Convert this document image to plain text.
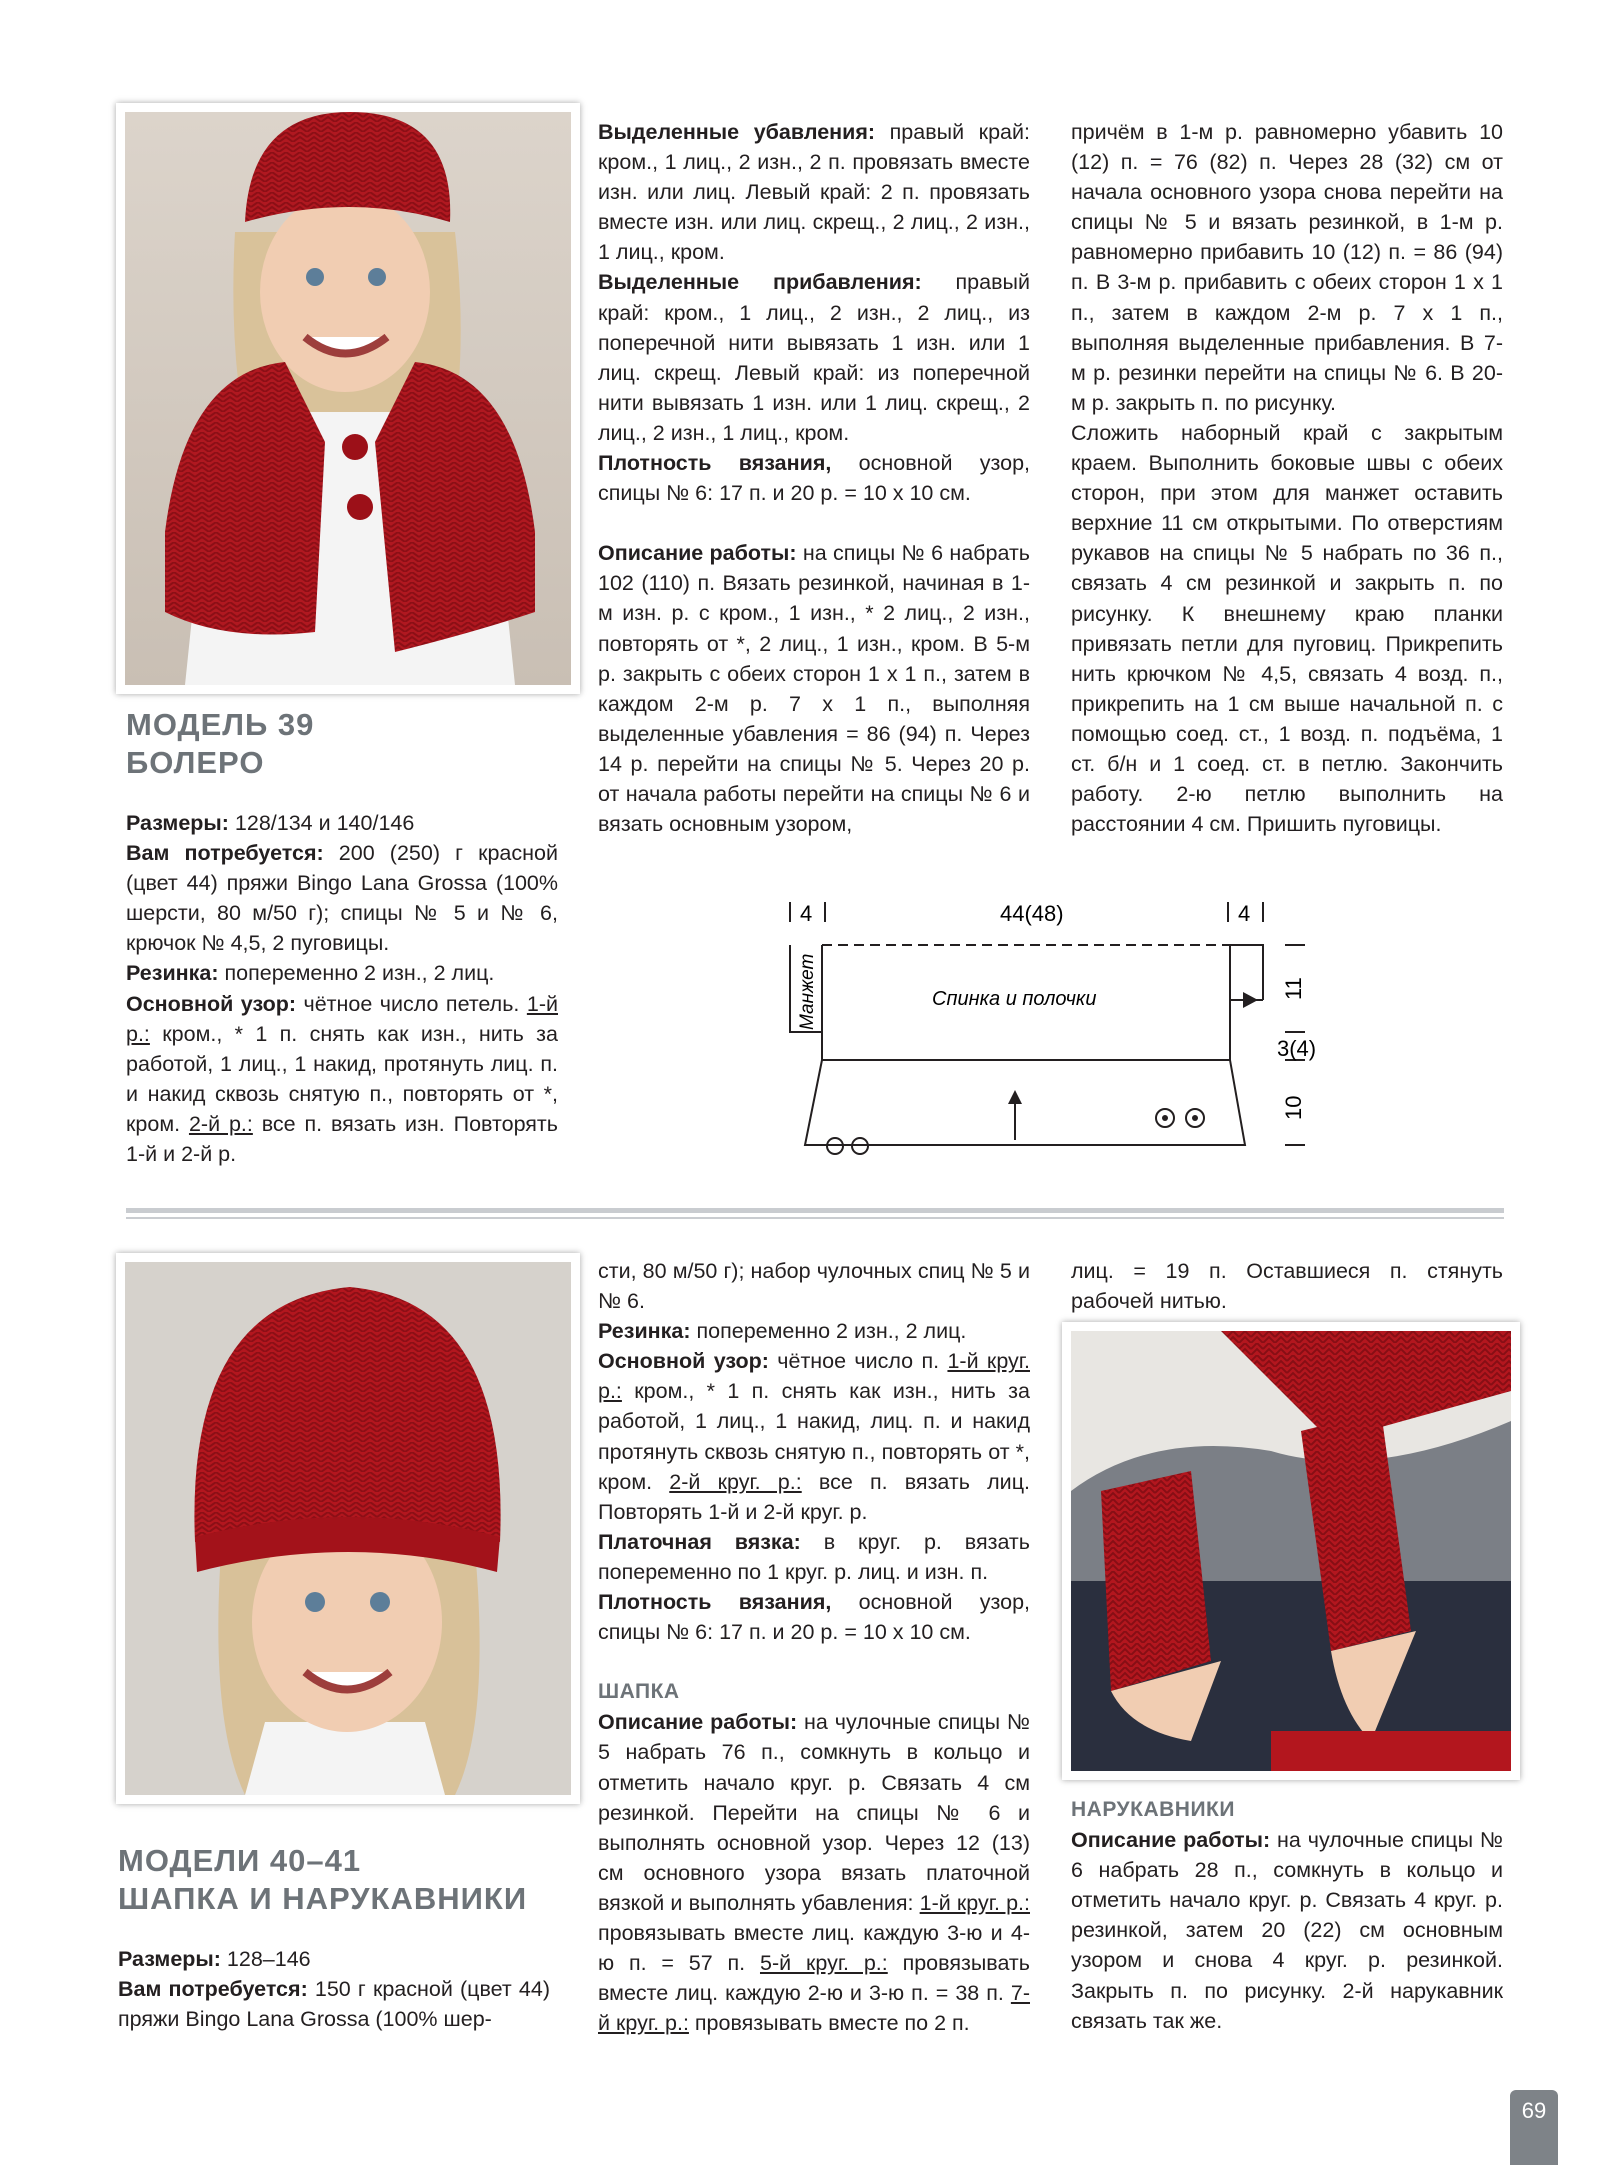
МОДЕЛЬ 39
БОЛЕРО

Размеры: 128/134 и 140/146

Вам потребуется: 200 (250) г красной (цвет 44) пряжи Bingo Lana Grossa (100% шерсти, 80 м/50 г); спицы № 5 и № 6, крючок № 4,5, 2 пуговицы.

Резинка: попеременно 2 изн., 2 лиц.

Основной узор: чётное число петель. 1-й р.: кром., * 1 п. снять как изн., нить за работой, 1 лиц., 1 накид, протянуть лиц. п. и накид сквозь снятую п., повторять от *, кром. 2-й р.: все п. вязать изн. Повторять 1-й и 2-й р.

Выделенные убавления: правый край: кром., 1 лиц., 2 изн., 2 п. провязать вместе изн. или лиц. Левый край: 2 п. провязать вместе изн. или лиц. скрещ., 2 лиц., 2 изн., 1 лиц., кром.

Выделенные прибавления: правый край: кром., 1 лиц., 2 изн., 2 лиц., из поперечной нити вывязать 1 изн. или 1 лиц. скрещ. Левый край: из поперечной нити вывязать 1 изн. или 1 лиц. скрещ., 2 лиц., 2 изн., 1 лиц., кром.

Плотность вязания, основной узор, спицы № 6: 17 п. и 20 р. = 10 x 10 см.

Описание работы: на спицы № 6 набрать 102 (110) п. Вязать резинкой, начиная в 1-м изн. р. с кром., 1 изн., * 2 лиц., 2 изн., повторять от *, 2 лиц., 1 изн., кром. В 5-м р. закрыть с обеих сторон 1 х 1 п., затем в каждом 2-м р. 7 х 1 п., выполняя выделенные убавления = 86 (94) п. Через 14 р. перейти на спицы № 5. Через 20 р. от начала работы перейти на спицы № 6 и вязать основным узором,

причём в 1-м р. равномерно убавить 10 (12) п. = 76 (82) п. Через 28 (32) см от начала основного узора снова перейти на спицы № 5 и вязать резинкой, в 1-м р. равномерно прибавить 10 (12) п. = 86 (94) п. В 3-м р. прибавить с обеих сторон 1 х 1 п., затем в каждом 2-м р. 7 х 1 п., выполняя выделенные прибавления. В 7-м р. резинки перейти на спицы № 6. В 20-м р. закрыть п. по рисунку.

Сложить наборный край с закрытым краем. Выполнить боковые швы с обеих сторон, при этом для манжет оставить верхние 11 см открытыми. По отверстиям рукавов на спицы № 5 набрать по 36 п., связать 4 см резинкой и закрыть п. по рисунку. К внешнему краю планки привязать петли для пуговиц. Прикрепить нить крючком № 4,5, связать 4 возд. п., прикрепить на 1 см выше начальной п. с помощью соед. ст., 1 возд. п. подъёма, 1 ст. б/н и 1 соед. ст. в петлю. Закончить работу. 2-ю петлю выполнить на расстоянии 4 см. Пришить пуговицы.

4	44(48)	4
Манжет	Спинка и полочки	11
3(4)
10
МОДЕЛИ 40–41
ШАПКА И НАРУКАВНИКИ

Размеры: 128–146

Вам потребуется: 150 г красной (цвет 44) пряжи Bingo Lana Grossa (100% шер-

сти, 80 м/50 г); набор чулочных спиц № 5 и № 6.

Резинка: попеременно 2 изн., 2 лиц.

Основной узор: чётное число п. 1-й круг. р.: кром., * 1 п. снять как изн., нить за работой, 1 лиц., 1 накид, лиц. п. и накид протянуть сквозь снятую п., повторять от *, кром. 2-й круг. р.: все п. вязать лиц. Повторять 1-й и 2-й круг. р.

Платочная вязка: в круг. р. вязать попеременно по 1 круг. р. лиц. и изн. п.

Плотность вязания, основной узор, спицы № 6: 17 п. и 20 р. = 10 х 10 см.

ШАПКА

Описание работы: на чулочные спицы № 5 набрать 76 п., сомкнуть в кольцо и отметить начало круг. р. Связать 4 см резинкой. Перейти на спицы № 6 и выполнять основной узор. Через 12 (13) см основного узора вязать платочной вязкой и выполнять убавления: 1-й круг. р.: провязывать вместе лиц. каждую 3-ю и 4-ю п. = 57 п. 5-й круг. р.: провязывать вместе лиц. каждую 2-ю и 3-ю п. = 38 п. 7-й круг. р.: провязывать вместе по 2 п.

лиц. = 19 п. Оставшиеся п. стянуть рабочей нитью.

НАРУКАВНИКИ

Описание работы: на чулочные спицы № 6 набрать 28 п., сомкнуть в кольцо и отметить начало круг. р. Связать 4 круг. р. резинкой, затем 20 (22) см основным узором и снова 4 круг. р. резинкой. Закрыть п. по рисунку. 2-й нарукавник связать так же.

69
